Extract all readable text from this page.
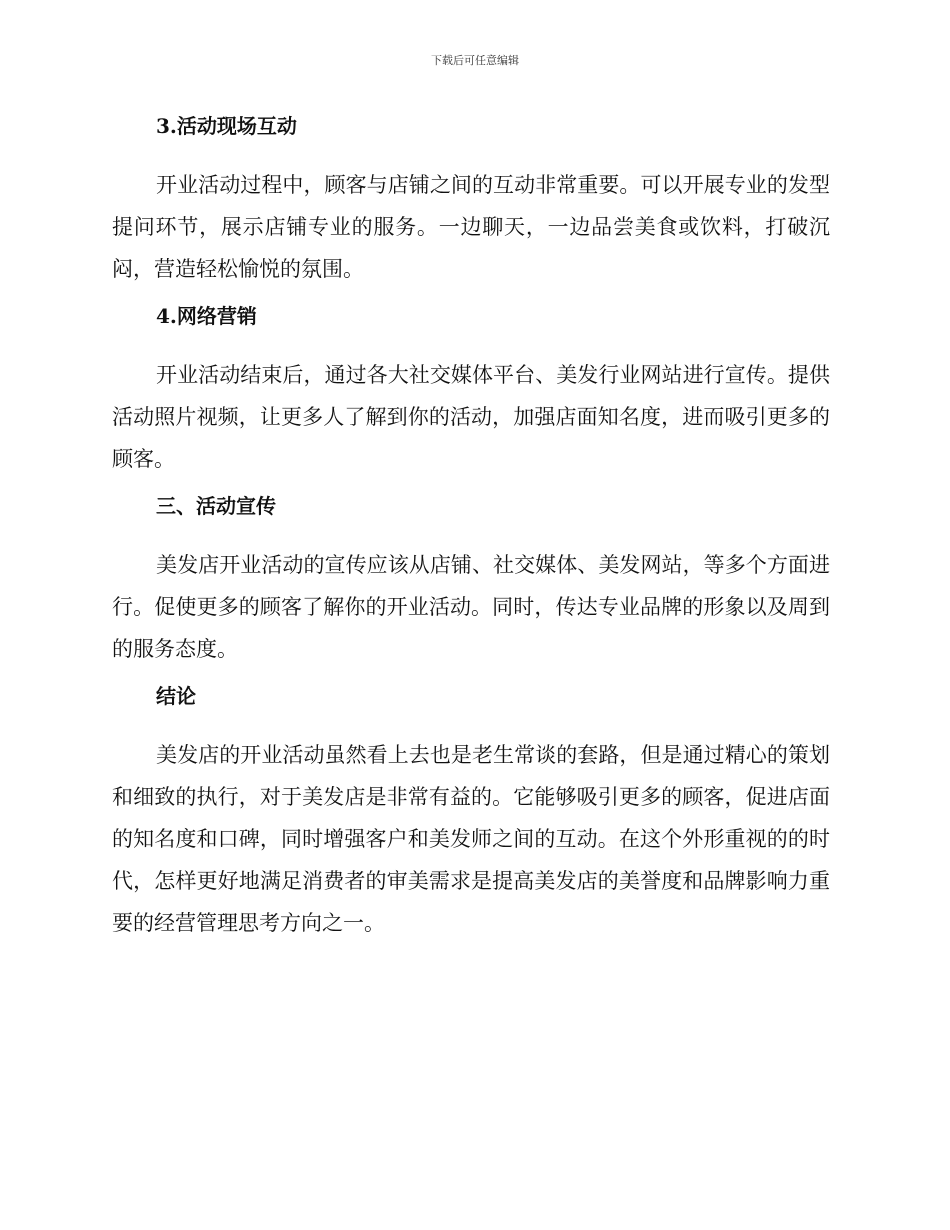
下载后可任意编辑
3.活动现场互动

开业活动过程中，顾客与店铺之间的互动非常重要。可以开展专业的发型提问环节，展示店铺专业的服务。一边聊天，一边品尝美食或饮料，打破沉闷，营造轻松愉悦的氛围。

4.网络营销

开业活动结束后，通过各大社交媒体平台、美发行业网站进行宣传。提供活动照片视频，让更多人了解到你的活动，加强店面知名度，进而吸引更多的顾客。

三、活动宣传

美发店开业活动的宣传应该从店铺、社交媒体、美发网站，等多个方面进行。促使更多的顾客了解你的开业活动。同时，传达专业品牌的形象以及周到的服务态度。

结论

美发店的开业活动虽然看上去也是老生常谈的套路，但是通过精心的策划和细致的执行，对于美发店是非常有益的。它能够吸引更多的顾客，促进店面的知名度和口碑，同时增强客户和美发师之间的互动。在这个外形重视的的时代，怎样更好地满足消费者的审美需求是提高美发店的美誉度和品牌影响力重要的经营管理思考方向之一。
